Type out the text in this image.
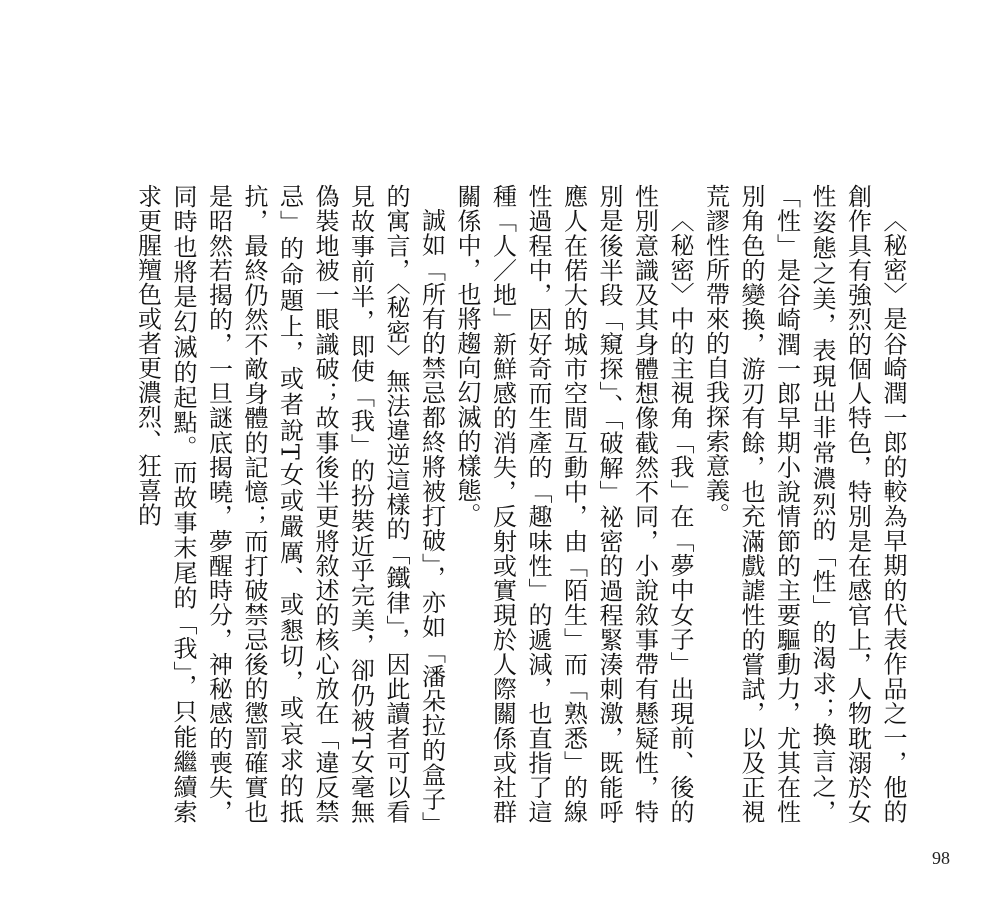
〈秘密〉是谷崎潤一郎的較為早期的代表作品之一，他的創作具有強烈的個人特色，特別是在感官上，人物耽溺於女性姿態之美，表現出非常濃烈的「性」的渴求；換言之，「性」是谷崎潤一郎早期小說情節的主要驅動力，尤其在性別角色的變換，游刃有餘，也充滿戲謔性的嘗試，以及正視荒謬性所帶來的自我探索意義。

〈秘密〉中的主視角「我」在「夢中女子」出現前、後的性別意識及其身體想像截然不同，小說敘事帶有懸疑性，特別是後半段「窺探」、「破解」祕密的過程緊湊刺激，既能呼應人在偌大的城市空間互動中，由「陌生」而「熟悉」的線性過程中，因好奇而生產的「趣味性」的遞減，也直指了這種「人／地」新鮮感的消失，反射或實現於人際關係或社群關係中，也將趨向幻滅的樣態。

誠如「所有的禁忌都終將被打破」，亦如「潘朵拉的盒子」的寓言，〈秘密〉無法違逆這樣的「鐵律」，因此讀者可以看見故事前半，即使「我」的扮裝近乎完美，卻仍被T女毫無偽裝地被一眼識破；故事後半更將敘述的核心放在「違反禁忌」的命題上，或者說T女或嚴厲、或懇切，或哀求的抵抗，最終仍然不敵身體的記憶；而打破禁忌後的懲罰確實也是昭然若揭的，一旦謎底揭曉，夢醒時分，神秘感的喪失，同時也將是幻滅的起點。而故事末尾的「我」，只能繼續索求更腥羶色或者更濃烈、狂喜的

98
